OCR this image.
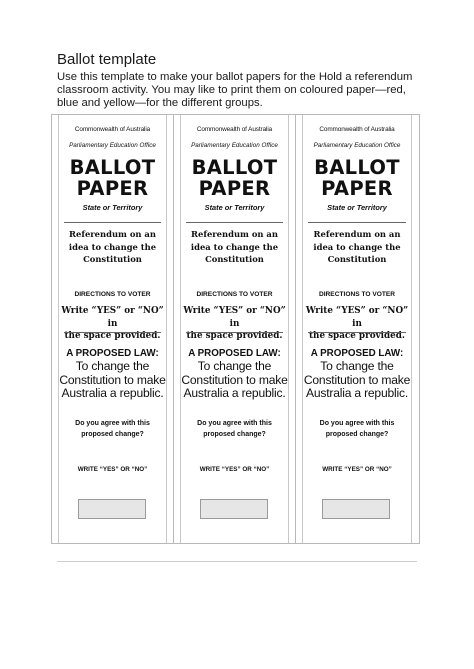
Ballot template
Use this template to make your ballot papers for the Hold a referendum classroom activity. You may like to print them on coloured paper—red, blue and yellow—for the different groups.
Commonwealth of Australia
Parliamentary Education Office
BALLOT
PAPER
State or Territory
Referendum on an
idea to change the
Constitution
DIRECTIONS TO VOTER
Write “YES” or “NO” in
the space provided.
A PROPOSED LAW:
To change the
Constitution to make
Australia a republic.
Do you agree with this
proposed change?
WRITE “YES” OR “NO”
Commonwealth of Australia
Parliamentary Education Office
BALLOT
PAPER
State or Territory
Referendum on an
idea to change the
Constitution
DIRECTIONS TO VOTER
Write “YES” or “NO” in
the space provided.
A PROPOSED LAW:
To change the
Constitution to make
Australia a republic.
Do you agree with this
proposed change?
WRITE “YES” OR “NO”
Commonwealth of Australia
Parliamentary Education Office
BALLOT
PAPER
State or Territory
Referendum on an
idea to change the
Constitution
DIRECTIONS TO VOTER
Write “YES” or “NO” in
the space provided.
A PROPOSED LAW:
To change the
Constitution to make
Australia a republic.
Do you agree with this
proposed change?
WRITE “YES” OR “NO”
